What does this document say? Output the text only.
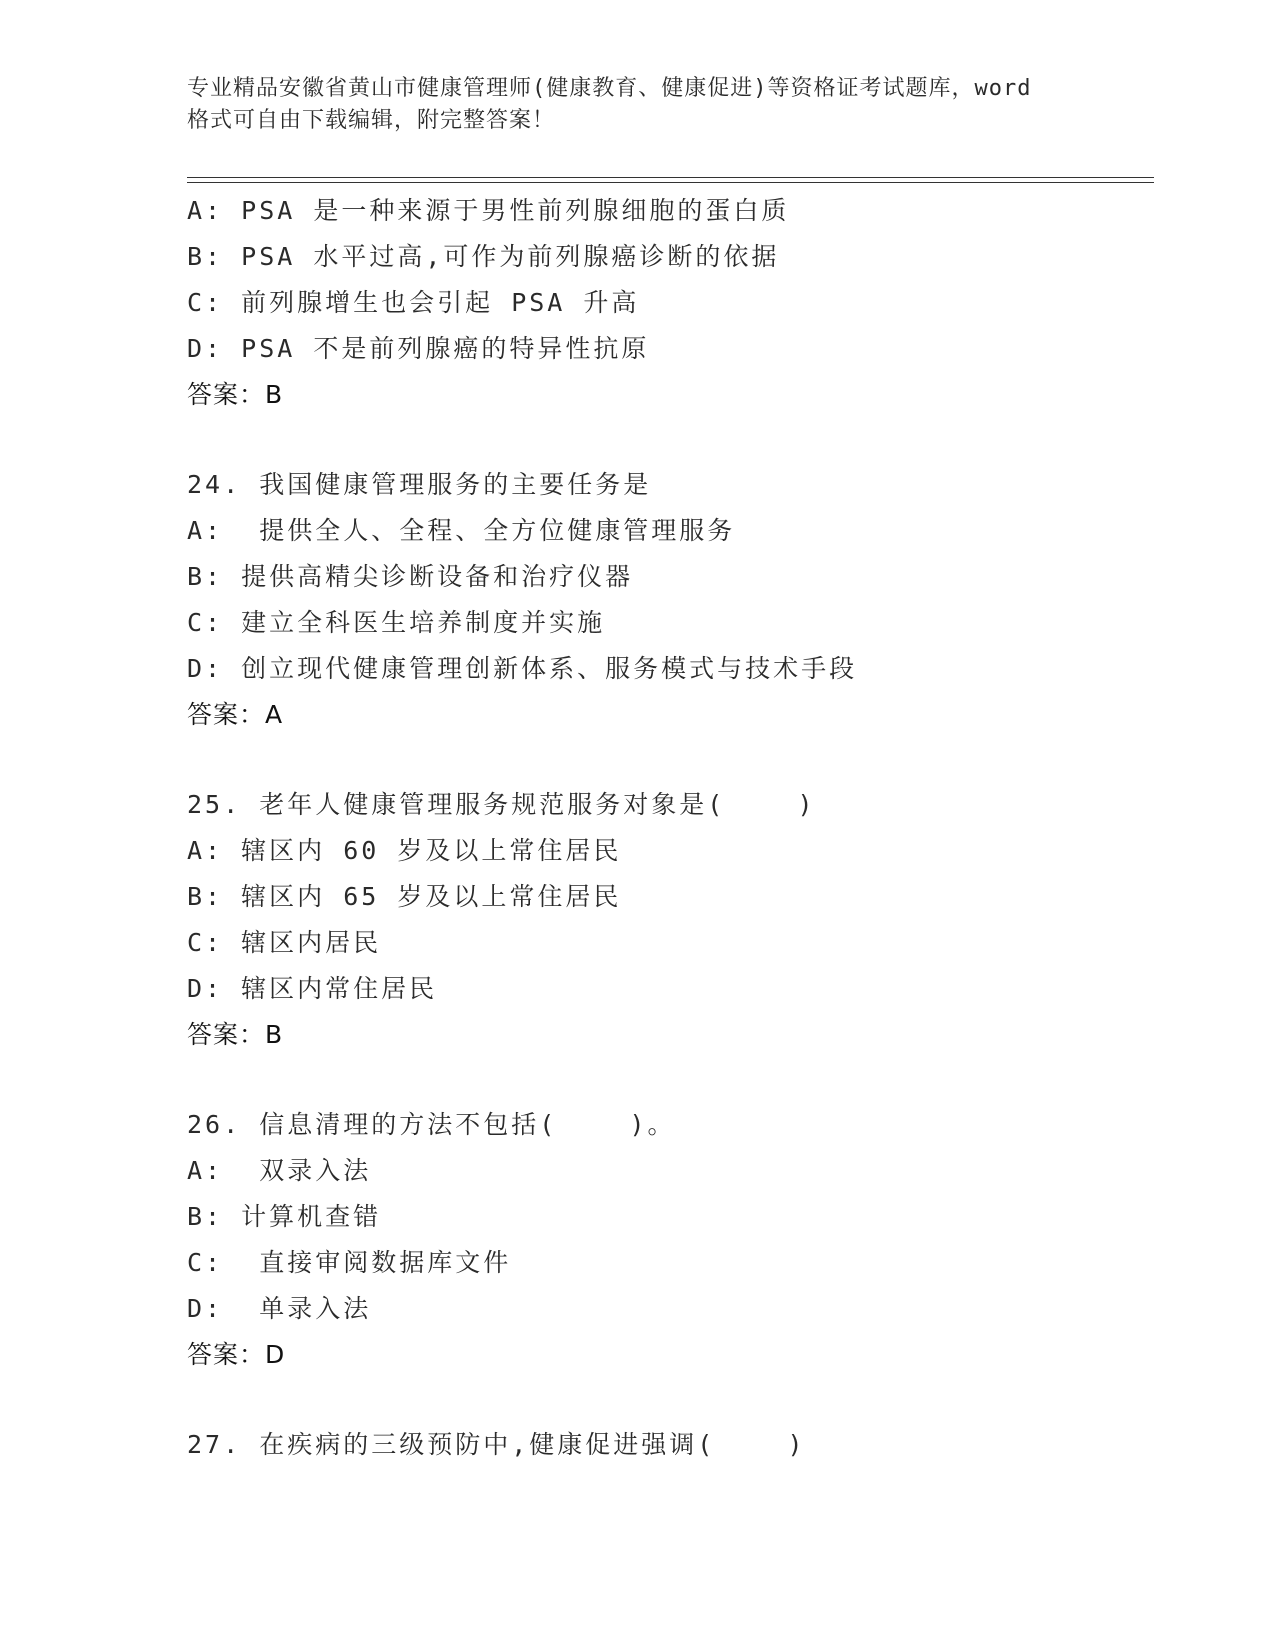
专业精品安徽省黄山市健康管理师(健康教育、健康促进)等资格证考试题库，word
格式可自由下载编辑，附完整答案！
A: PSA 是一种来源于男性前列腺细胞的蛋白质
B: PSA 水平过高,可作为前列腺癌诊断的依据
C: 前列腺增生也会引起 PSA 升高
D: PSA 不是前列腺癌的特异性抗原
答案：B
24. 我国健康管理服务的主要任务是
A:  提供全人、全程、全方位健康管理服务
B: 提供高精尖诊断设备和治疗仪器
C: 建立全科医生培养制度并实施
D: 创立现代健康管理创新体系、服务模式与技术手段
答案：A
25. 老年人健康管理服务规范服务对象是(    )
A: 辖区内 60 岁及以上常住居民
B: 辖区内 65 岁及以上常住居民
C: 辖区内居民
D: 辖区内常住居民
答案：B
26. 信息清理的方法不包括(    )。
A:  双录入法
B: 计算机查错
C:  直接审阅数据库文件
D:  单录入法
答案：D
27. 在疾病的三级预防中,健康促进强调(    )
